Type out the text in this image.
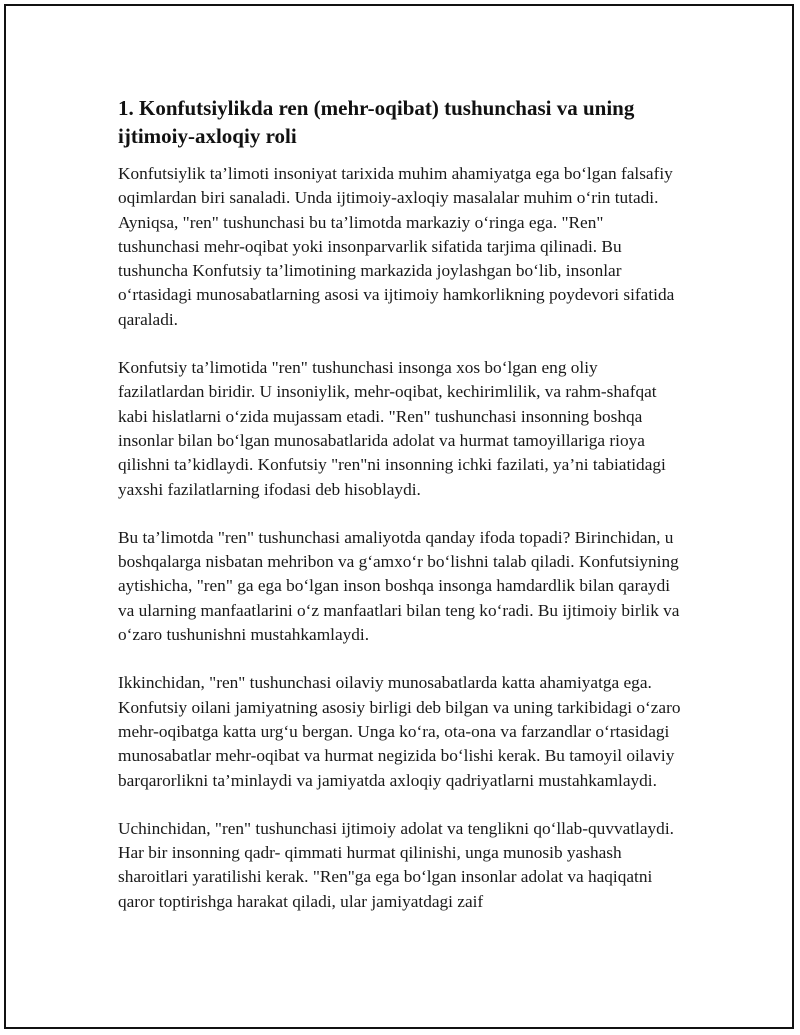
1. Konfutsiylikda ren (mehr-oqibat) tushunchasi va uning ijtimoiy-axloqiy roli

Konfutsiylik ta’limoti insoniyat tarixida muhim ahamiyatga ega bo‘lgan falsafiy oqimlardan biri sanaladi. Unda ijtimoiy-axloqiy masalalar muhim o‘rin tutadi. Ayniqsa, "ren" tushunchasi bu ta’limotda markaziy o‘ringa ega. "Ren" tushunchasi mehr-oqibat yoki insonparvarlik sifatida tarjima qilinadi. Bu tushuncha Konfutsiy ta’limotining markazida joylashgan bo‘lib, insonlar o‘rtasidagi munosabatlarning asosi va ijtimoiy hamkorlikning poydevori sifatida qaraladi.

Konfutsiy ta’limotida "ren" tushunchasi insonga xos bo‘lgan eng oliy fazilatlardan biridir. U insoniylik, mehr-oqibat, kechirimlilik, va rahm-shafqat kabi hislatlarni o‘zida mujassam etadi. "Ren" tushunchasi insonning boshqa insonlar bilan bo‘lgan munosabatlarida adolat va hurmat tamoyillariga rioya qilishni ta’kidlaydi. Konfutsiy "ren"ni insonning ichki fazilati, ya’ni tabiatidagi yaxshi fazilatlarning ifodasi deb hisoblaydi.

Bu ta’limotda "ren" tushunchasi amaliyotda qanday ifoda topadi? Birinchidan, u boshqalarga nisbatan mehribon va g‘amxo‘r bo‘lishni talab qiladi. Konfutsiyning aytishicha, "ren" ga ega bo‘lgan inson boshqa insonga hamdardlik bilan qaraydi va ularning manfaatlarini o‘z manfaatlari bilan teng ko‘radi. Bu ijtimoiy birlik va o‘zaro tushunishni mustahkamlaydi.

Ikkinchidan, "ren" tushunchasi oilaviy munosabatlarda katta ahamiyatga ega. Konfutsiy oilani jamiyatning asosiy birligi deb bilgan va uning tarkibidagi o‘zaro mehr-oqibatga katta urg‘u bergan. Unga ko‘ra, ota-ona va farzandlar o‘rtasidagi munosabatlar mehr-oqibat va hurmat negizida bo‘lishi kerak. Bu tamoyil oilaviy barqarorlikni ta’minlaydi va jamiyatda axloqiy qadriyatlarni mustahkamlaydi.

Uchinchidan, "ren" tushunchasi ijtimoiy adolat va tenglikni qo‘llab-quvvatlaydi. Har bir insonning qadr- qimmati hurmat qilinishi, unga munosib yashash sharoitlari yaratilishi kerak. "Ren"ga ega bo‘lgan insonlar adolat va haqiqatni qaror toptirishga harakat qiladi, ular jamiyatdagi zaif
